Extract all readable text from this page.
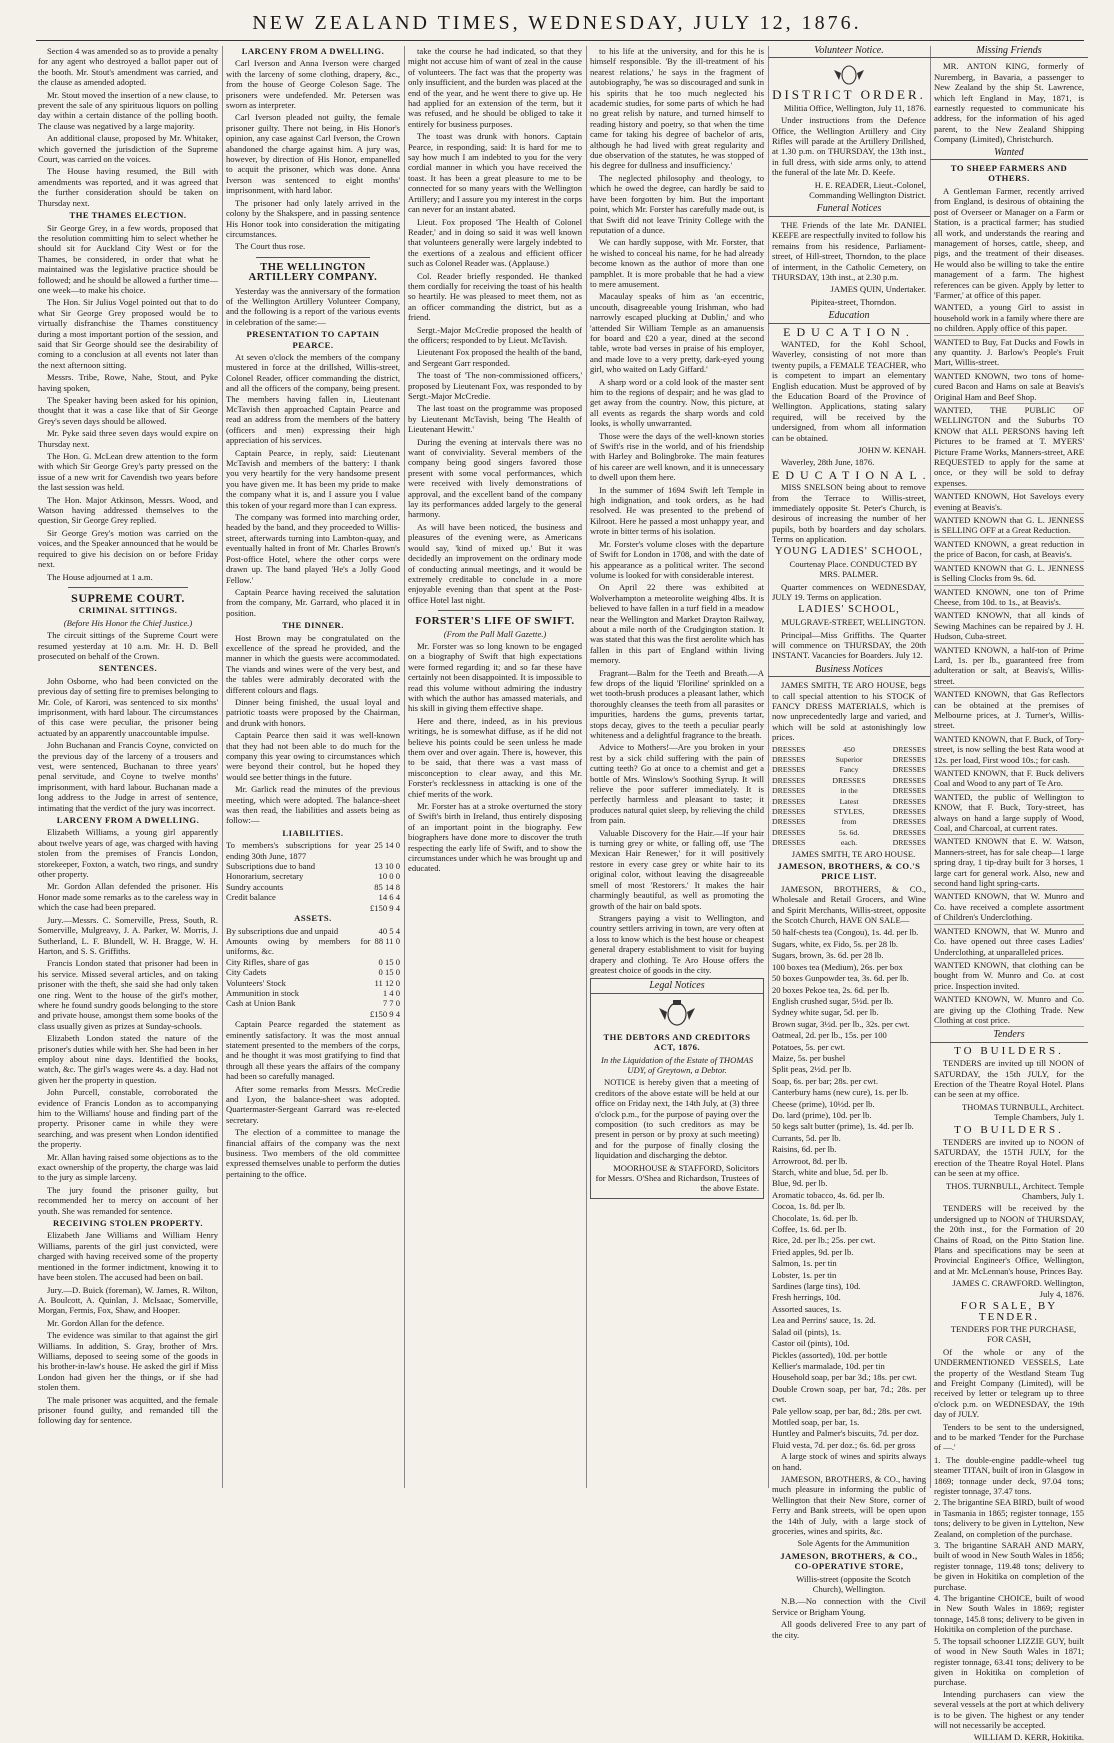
NEW ZEALAND TIMES, WEDNESDAY, JULY 12, 1876.

Section 4 was amended so as to provide a penalty for any agent who destroyed a ballot paper out of the booth. Mr. Stout's amendment was carried, and the clause as amended adopted.

Mr. Stout moved the insertion of a new clause, to prevent the sale of any spirituous liquors on polling day within a certain distance of the polling booth. The clause was negatived by a large majority.

An additional clause, proposed by Mr. Whitaker, which governed the jurisdiction of the Supreme Court, was carried on the voices.

The House having resumed, the Bill with amendments was reported, and it was agreed that the further consideration should be taken on Thursday next.

THE THAMES ELECTION.

Sir George Grey, in a few words, proposed that the resolution committing him to select whether he should sit for Auckland City West or for the Thames, be considered, in order that what he maintained was the legislative practice should be followed; and he should be allowed a further time—one week—to make his choice.

The Hon. Sir Julius Vogel pointed out that to do what Sir George Grey proposed would be to virtually disfranchise the Thames constituency during a most important portion of the session, and said that Sir George should see the desirability of coming to a conclusion at all events not later than the next afternoon sitting.

Messrs. Tribe, Rowe, Nahe, Stout, and Pyke having spoken,

The Speaker having been asked for his opinion, thought that it was a case like that of Sir George Grey's seven days should be allowed.

Mr. Pyke said three seven days would expire on Thursday next.

The Hon. G. McLean drew attention to the form with which Sir George Grey's party pressed on the issue of a new writ for Cavendish two years before the last session was held.

The Hon. Major Atkinson, Messrs. Wood, and Watson having addressed themselves to the question, Sir George Grey replied.

Sir George Grey's motion was carried on the voices, and the Speaker announced that he would be required to give his decision on or before Friday next.

The House adjourned at 1 a.m.

SUPREME COURT.

CRIMINAL SITTINGS.

(Before His Honor the Chief Justice.)

The circuit sittings of the Supreme Court were resumed yesterday at 10 a.m. Mr. H. D. Bell prosecuted on behalf of the Crown.

SENTENCES.

John Osborne, who had been convicted on the previous day of setting fire to premises belonging to Mr. Cole, of Karori, was sentenced to six months' imprisonment, with hard labour. The circumstances of this case were peculiar, the prisoner being actuated by an apparently unaccountable impulse.

John Buchanan and Francis Coyne, convicted on the previous day of the larceny of a trousers and vest, were sentenced, Buchanan to three years' penal servitude, and Coyne to twelve months' imprisonment, with hard labour. Buchanan made a long address to the Judge in arrest of sentence, intimating that the verdict of the jury was incorrect.

LARCENY FROM A DWELLING.

Elizabeth Williams, a young girl apparently about twelve years of age, was charged with having stolen from the premises of Francis London, storekeeper, Foxton, a watch, two rings, and sundry other property.

Mr. Gordon Allan defended the prisoner. His Honor made some remarks as to the careless way in which the case had been prepared.

Jury.—Messrs. C. Somerville, Press, South, R. Somerville, Mulgreavy, J. A. Parker, W. Morris, J. Sutherland, L. F. Blundell, W. H. Bragge, W. H. Harton, and S. S. Griffiths.

Francis London stated that prisoner had been in his service. Missed several articles, and on taking prisoner with the theft, she said she had only taken one ring. Went to the house of the girl's mother, where he found sundry goods belonging to the store and private house, amongst them some books of the class usually given as prizes at Sunday-schools.

Elizabeth London stated the nature of the prisoner's duties while with her. She had been in her employ about nine days. Identified the books, watch, &c. The girl's wages were 4s. a day. Had not given her the property in question.

John Purcell, constable, corroborated the evidence of Francis London as to accompanying him to the Williams' house and finding part of the property. Prisoner came in while they were searching, and was present when London identified the property.

Mr. Allan having raised some objections as to the exact ownership of the property, the charge was laid to the jury as simple larceny.

The jury found the prisoner guilty, but recommended her to mercy on account of her youth. She was remanded for sentence.

RECEIVING STOLEN PROPERTY.

Elizabeth Jane Williams and William Henry Williams, parents of the girl just convicted, were charged with having received some of the property mentioned in the former indictment, knowing it to have been stolen. The accused had been on bail.

Jury.—D. Buick (foreman), W. James, R. Wilton, A. Boulcott, A. Quinlan, J. McIsaac, Somerville, Morgan, Fermis, Fox, Shaw, and Hooper.

Mr. Gordon Allan for the defence.

The evidence was similar to that against the girl Williams. In addition, S. Gray, brother of Mrs. Williams, deposed to seeing some of the goods in his brother-in-law's house. He asked the girl if Miss London had given her the things, or if she had stolen them.

The male prisoner was acquitted, and the female prisoner found guilty, and remanded till the following day for sentence.

LARCENY FROM A DWELLING.

Carl Iverson and Anna Iverson were charged with the larceny of some clothing, drapery, &c., from the house of George Coleson Sage. The prisoners were undefended. Mr. Petersen was sworn as interpreter.

Carl Iverson pleaded not guilty, the female prisoner guilty. There not being, in His Honor's opinion, any case against Carl Iverson, the Crown abandoned the charge against him. A jury was, however, by direction of His Honor, empanelled to acquit the prisoner, which was done. Anna Iverson was sentenced to eight months' imprisonment, with hard labor.

The prisoner had only lately arrived in the colony by the Shakspere, and in passing sentence His Honor took into consideration the mitigating circumstances.

The Court thus rose.

THE WELLINGTON ARTILLERY COMPANY.

Yesterday was the anniversary of the formation of the Wellington Artillery Volunteer Company, and the following is a report of the various events in celebration of the same:—

PRESENTATION TO CAPTAIN PEARCE.

At seven o'clock the members of the company mustered in force at the drillshed, Willis-street, Colonel Reader, officer commanding the district, and all the officers of the company, being present. The members having fallen in, Lieutenant McTavish then approached Captain Pearce and read an address from the members of the battery (officers and men) expressing their high appreciation of his services.

Captain Pearce, in reply, said: Lieutenant McTavish and members of the battery: I thank you very heartily for the very handsome present you have given me. It has been my pride to make the company what it is, and I assure you I value this token of your regard more than I can express.

The company was formed into marching order, headed by the band, and they proceeded to Willis-street, afterwards turning into Lambton-quay, and eventually halted in front of Mr. Charles Brown's Post-office Hotel, where the other corps were drawn up. The band played 'He's a Jolly Good Fellow.'

Captain Pearce having received the salutation from the company, Mr. Garrard, who placed it in position.

THE DINNER.

Host Brown may be congratulated on the excellence of the spread he provided, and the manner in which the guests were accommodated. The viands and wines were of the very best, and the tables were admirably decorated with the different colours and flags.

Dinner being finished, the usual loyal and patriotic toasts were proposed by the Chairman, and drunk with honors.

Captain Pearce then said it was well-known that they had not been able to do much for the company this year owing to circumstances which were beyond their control, but he hoped they would see better things in the future.

Mr. Garlick read the minutes of the previous meeting, which were adopted. The balance-sheet was then read, the liabilities and assets being as follow:—

LIABILITIES.

To members's subscriptions for year ending 30th June, 1877
25 14 0
Subscriptions due to band	13 10 0
Honorarium, secretary	10 0 0
Sundry accounts	85 14 8
Credit balance	14 6 4
£150 9 4

ASSETS.

By subscriptions due and unpaid	40 5 4
Amounts owing by members for uniforms, &c.
88 11 0
City Rifles, share of gas	0 15 0
City Cadets	0 15 0
Volunteers' Stock	11 12 0
Ammunition in stock	1 4 0
Cash at Union Bank	7 7 0
£150 9 4

Captain Pearce regarded the statement as eminently satisfactory. It was the most annual statement presented to the members of the corps, and he thought it was most gratifying to find that through all these years the affairs of the company had been so carefully managed.

After some remarks from Messrs. McCredie and Lyon, the balance-sheet was adopted. Quartermaster-Sergeant Garrard was re-elected secretary.

The election of a committee to manage the financial affairs of the company was the next business. Two members of the old committee expressed themselves unable to perform the duties pertaining to the office.

take the course he had indicated, so that they might not accuse him of want of zeal in the cause of volunteers. The fact was that the property was only insufficient, and the burden was placed at the end of the year, and he went there to give up. He had applied for an extension of the term, but it was refused, and he should be obliged to take it entirely for business purposes.

The toast was drunk with honors. Captain Pearce, in responding, said: It is hard for me to say how much I am indebted to you for the very cordial manner in which you have received the toast. It has been a great pleasure to me to be connected for so many years with the Wellington Artillery; and I assure you my interest in the corps can never for an instant abated.

Lieut. Fox proposed 'The Health of Colonel Reader,' and in doing so said it was well known that volunteers generally were largely indebted to the exertions of a zealous and efficient officer such as Colonel Reader was. (Applause.)

Col. Reader briefly responded. He thanked them cordially for receiving the toast of his health so heartily. He was pleased to meet them, not as an officer commanding the district, but as a friend.

Sergt.-Major McCredie proposed the health of the officers; responded to by Lieut. McTavish.

Lieutenant Fox proposed the health of the band, and Sergeant Garr responded.

The toast of 'The non-commissioned officers,' proposed by Lieutenant Fox, was responded to by Sergt.-Major McCredie.

The last toast on the programme was proposed by Lieutenant McTavish, being 'The Health of Lieutenant Hewitt.'

During the evening at intervals there was no want of conviviality. Several members of the company being good singers favored those present with some vocal performances, which were received with lively demonstrations of approval, and the excellent band of the company lay its performances added largely to the general harmony.

As will have been noticed, the business and pleasures of the evening were, as Americans would say, 'kind of mixed up.' But it was decidedly an improvement on the ordinary mode of conducting annual meetings, and it would be extremely creditable to conclude in a more enjoyable evening than that spent at the Post-office Hotel last night.

FORSTER'S LIFE OF SWIFT.

(From the Pall Mall Gazette.)

Mr. Forster was so long known to be engaged on a biography of Swift that high expectations were formed regarding it; and so far these have certainly not been disappointed. It is impossible to read this volume without admiring the industry with which the author has amassed materials, and his skill in giving them effective shape.

Here and there, indeed, as in his previous writings, he is somewhat diffuse, as if he did not believe his points could be seen unless he made them over and over again. There is, however, this to be said, that there was a vast mass of misconception to clear away, and this Mr. Forster's recklessness in attacking is one of the chief merits of the work.

Mr. Forster has at a stroke overturned the story of Swift's birth in Ireland, thus entirely disposing of an important point in the biography. Few biographers have done more to discover the truth respecting the early life of Swift, and to show the circumstances under which he was brought up and educated.

to his life at the university, and for this he is himself responsible. 'By the ill-treatment of his nearest relations,' he says in the fragment of autobiography, 'he was so discouraged and sunk in his spirits that he too much neglected his academic studies, for some parts of which he had no great relish by nature, and turned himself to reading history and poetry, so that when the time came for taking his degree of bachelor of arts, although he had lived with great regularity and due observation of the statutes, he was stopped of his degree for dullness and insufficiency.'

The neglected philosophy and theology, to which he owed the degree, can hardly be said to have been forgotten by him. But the important point, which Mr. Forster has carefully made out, is that Swift did not leave Trinity College with the reputation of a dunce.

We can hardly suppose, with Mr. Forster, that he wished to conceal his name, for he had already become known as the author of more than one pamphlet. It is more probable that he had a view to mere amusement.

Macaulay speaks of him as 'an eccentric, uncouth, disagreeable young Irishman, who had narrowly escaped plucking at Dublin,' and who 'attended Sir William Temple as an amanuensis for board and £20 a year, dined at the second table, wrote bad verses in praise of his employer, and made love to a very pretty, dark-eyed young girl, who waited on Lady Giffard.'

A sharp word or a cold look of the master sent him to the regions of despair; and he was glad to get away from the country. Now, this picture, at all events as regards the sharp words and cold looks, is wholly unwarranted.

Those were the days of the well-known stories of Swift's rise in the world, and of his friendship with Harley and Bolingbroke. The main features of his career are well known, and it is unnecessary to dwell upon them here.

In the summer of 1694 Swift left Temple in high indignation, and took orders, as he had resolved. He was presented to the prebend of Kilroot. Here he passed a most unhappy year, and wrote in bitter terms of his isolation.

Mr. Forster's volume closes with the departure of Swift for London in 1708, and with the date of his appearance as a political writer. The second volume is looked for with considerable interest.

On April 22 there was exhibited at Wolverhampton a meteorolite weighing 4lbs. It is believed to have fallen in a turf field in a meadow near the Wellington and Market Drayton Railway, about a mile north of the Crudgington station. It was stated that this was the first aerolite which has fallen in this part of England within living memory.

Fragrant—Balm for the Teeth and Breath.—A few drops of the liquid 'Floriline' sprinkled on a wet tooth-brush produces a pleasant lather, which thoroughly cleanses the teeth from all parasites or impurities, hardens the gums, prevents tartar, stops decay, gives to the teeth a peculiar pearly whiteness and a delightful fragrance to the breath.

Advice to Mothers!—Are you broken in your rest by a sick child suffering with the pain of cutting teeth? Go at once to a chemist and get a bottle of Mrs. Winslow's Soothing Syrup. It will relieve the poor sufferer immediately. It is perfectly harmless and pleasant to taste; it produces natural quiet sleep, by relieving the child from pain.

Valuable Discovery for the Hair.—If your hair is turning grey or white, or falling off, use 'The Mexican Hair Renewer,' for it will positively restore in every case grey or white hair to its original color, without leaving the disagreeable smell of most 'Restorers.' It makes the hair charmingly beautiful, as well as promoting the growth of the hair on bald spots.

Strangers paying a visit to Wellington, and country settlers arriving in town, are very often at a loss to know which is the best house or cheapest general drapery establishment to visit for buying drapery and clothing. Te Aro House offers the greatest choice of goods in the city.

Legal Notices

THE DEBTORS AND CREDITORS ACT, 1876.

In the Liquidation of the Estate of THOMAS UDY, of Greytown, a Debtor.

NOTICE is hereby given that a meeting of creditors of the above estate will be held at our office on Friday next, the 14th July, at (3) three o'clock p.m., for the purpose of paying over the composition (to such creditors as may be present in person or by proxy at such meeting) and for the purpose of finally closing the liquidation and discharging the debtor.

MOORHOUSE & STAFFORD, Solicitors for Messrs. O'Shea and Richardson, Trustees of the above Estate.

Volunteer Notice.
DISTRICT ORDER.

Militia Office, Wellington, July 11, 1876.

Under instructions from the Defence Office, the Wellington Artillery and City Rifles will parade at the Artillery Drillshed, at 1.30 p.m. on THURSDAY, the 13th inst., in full dress, with side arms only, to attend the funeral of the late Mr. D. Keefe.

H. E. READER, Lieut.-Colonel, Commanding Wellington District.

Funeral Notices

THE Friends of the late Mr. DANIEL KEEFE are respectfully invited to follow his remains from his residence, Parliament-street, of Hill-street, Thorndon, to the place of interment, in the Catholic Cemetery, on THURSDAY, 13th inst., at 2.30 p.m.

JAMES QUIN, Undertaker.

Pipitea-street, Thorndon.

Education
EDUCATION.

WANTED, for the Kohl School, Waverley, consisting of not more than twenty pupils, a FEMALE TEACHER, who is competent to impart an elementary English education. Must be approved of by the Education Board of the Province of Wellington. Applications, stating salary required, will be received by the undersigned, from whom all information can be obtained.

JOHN W. KENAH.

Waverley, 28th June, 1876.

EDUCATIONAL.

MISS SNELSON being about to remove from the Terrace to Willis-street, immediately opposite St. Peter's Church, is desirous of increasing the number of her pupils, both by boarders and day scholars. Terms on application.

YOUNG LADIES' SCHOOL,

Courtenay Place. CONDUCTED BY MRS. PALMER.

Quarter commences on WEDNESDAY, JULY 19. Terms on application.

LADIES' SCHOOL,

MULGRAVE-STREET, WELLINGTON.

Principal—Miss Griffiths. The Quarter will commence on THURSDAY, the 20th INSTANT. Vacancies for Boarders. July 12.

Business Notices

JAMES SMITH, TE ARO HOUSE, begs to call special attention to his STOCK of FANCY DRESS MATERIALS, which is now unprecedentedly large and varied, and which will be sold at astonishingly low prices.

DRESSES	450	DRESSES
DRESSES	Superior	DRESSES
DRESSES	Fancy	DRESSES
DRESSES	DRESSES	DRESSES
DRESSES	in the	DRESSES
DRESSES	Latest	DRESSES
DRESSES	STYLES,	DRESSES
DRESSES	from	DRESSES
DRESSES	5s. 6d.	DRESSES
DRESSES	each.	DRESSES

JAMES SMITH, TE ARO HOUSE.

JAMESON, BROTHERS, & CO.'S PRICE LIST.

JAMESON, BROTHERS, & CO., Wholesale and Retail Grocers, and Wine and Spirit Merchants, Willis-street, opposite the Scotch Church, HAVE ON SALE—

50 half-chests tea (Congou), 1s. 4d. per lb.

Sugars, white, ex Fido, 5s. per 28 lb.

Sugars, brown, 3s. 6d. per 28 lb.

100 boxes tea (Medium), 26s. per box

50 boxes Gunpowder tea, 3s. 6d. per lb.

20 boxes Pekoe tea, 2s. 6d. per lb.

English crushed sugar, 5½d. per lb.

Sydney white sugar, 5d. per lb.

Brown sugar, 3½d. per lb., 32s. per cwt.

Oatmeal, 2d. per lb., 15s. per 100

Potatoes, 5s. per cwt.

Maize, 5s. per bushel

Split peas, 2½d. per lb.

Soap, 6s. per bar; 28s. per cwt.

Canterbury hams (new cure), 1s. per lb.

Cheese (prime), 10½d. per lb.

Do. lard (prime), 10d. per lb.

50 kegs salt butter (prime), 1s. 4d. per lb.

Currants, 5d. per lb.

Raisins, 6d. per lb.

Arrowroot, 8d. per lb.

Starch, white and blue, 5d. per lb.

Blue, 9d. per lb.

Aromatic tobacco, 4s. 6d. per lb.

Cocoa, 1s. 8d. per lb.

Chocolate, 1s. 6d. per lb.

Coffee, 1s. 6d. per lb.

Rice, 2d. per lb.; 25s. per cwt.

Fried apples, 9d. per lb.

Salmon, 1s. per tin

Lobster, 1s. per tin

Sardines (large tins), 10d.

Fresh herrings, 10d.

Assorted sauces, 1s.

Lea and Perrins' sauce, 1s. 2d.

Salad oil (pints), 1s.

Castor oil (pints), 10d.

Pickles (assorted), 10d. per bottle

Kellier's marmalade, 10d. per tin

Household soap, per bar 3d.; 18s. per cwt.

Double Crown soap, per bar, 7d.; 28s. per cwt.

Pale yellow soap, per bar, 8d.; 28s. per cwt.

Mottled soap, per bar, 1s.

Huntley and Palmer's biscuits, 7d. per doz.

Fluid vesta, 7d. per doz.; 6s. 6d. per gross

A large stock of wines and spirits always on hand.

JAMESON, BROTHERS, & CO., having much pleasure in informing the public of Wellington that their New Store, corner of Ferry and Bank streets, will be open upon the 14th of July, with a large stock of groceries, wines and spirits, &c.

Sole Agents for the Ammunition

JAMESON, BROTHERS, & CO., CO-OPERATIVE STORE,

Willis-street (opposite the Scotch Church), Wellington.

N.B.—No connection with the Civil Service or Brigham Young.

All goods delivered Free to any part of the city.

Missing Friends

MR. ANTON KING, formerly of Nuremberg, in Bavaria, a passenger to New Zealand by the ship St. Lawrence, which left England in May, 1871, is earnestly requested to communicate his address, for the information of his aged parent, to the New Zealand Shipping Company (Limited), Christchurch.

Wanted

TO SHEEP FARMERS AND OTHERS.

A Gentleman Farmer, recently arrived from England, is desirous of obtaining the post of Overseer or Manager on a Farm or Station, is a practical farmer; has studied all work, and understands the rearing and management of horses, cattle, sheep, and pigs, and the treatment of their diseases. He would also be willing to take the entire management of a farm. The highest references can be given. Apply by letter to 'Farmer,' at office of this paper.

WANTED, a young Girl to assist in household work in a family where there are no children. Apply office of this paper.

WANTED to Buy, Fat Ducks and Fowls in any quantity. J. Barlow's People's Fruit Mart, Willis-street.

WANTED KNOWN, two tons of home-cured Bacon and Hams on sale at Beavis's Original Ham and Beef Shop.

WANTED, THE PUBLIC OF WELLINGTON and the Suburbs TO KNOW that ALL PERSONS having left Pictures to be framed at T. MYERS' Picture Frame Works, Manners-street, ARE REQUESTED to apply for the same at once, or they will be sold to defray expenses.

WANTED KNOWN, Hot Saveloys every evening at Beavis's.

WANTED KNOWN that G. L. JENNESS is SELLING OFF at a Great Reduction.

WANTED KNOWN, a great reduction in the price of Bacon, for cash, at Beavis's.

WANTED KNOWN that G. L. JENNESS is Selling Clocks from 9s. 6d.

WANTED KNOWN, one ton of Prime Cheese, from 10d. to 1s., at Beavis's.

WANTED KNOWN, that all kinds of Sewing Machines can be repaired by J. H. Hudson, Cuba-street.

WANTED KNOWN, a half-ton of Prime Lard, 1s. per lb., guaranteed free from adulteration or salt, at Beavis's, Willis-street.

WANTED KNOWN, that Gas Reflectors can be obtained at the premises of Melbourne prices, at J. Turner's, Willis-street.

WANTED KNOWN, that F. Buck, of Tory-street, is now selling the best Rata wood at 12s. per load, First wood 10s.; for cash.

WANTED KNOWN, that F. Buck delivers Coal and Wood to any part of Te Aro.

WANTED, the public of Wellington to KNOW, that F. Buck, Tory-street, has always on hand a large supply of Wood, Coal, and Charcoal, at current rates.

WANTED KNOWN that E. W. Watson, Manners-street, has for sale cheap—1 large spring dray, 1 tip-dray built for 3 horses, 1 large cart for general work. Also, new and second hand light spring-carts.

WANTED KNOWN, that W. Munro and Co. have received a complete assortment of Children's Underclothing.

WANTED KNOWN, that W. Munro and Co. have opened out three cases Ladies' Underclothing, at unparalleled prices.

WANTED KNOWN, that clothing can be bought from W. Munro and Co. at cost price. Inspection invited.

WANTED KNOWN, W. Munro and Co. are giving up the Clothing Trade. New Clothing at cost price.

Tenders
TO BUILDERS.

TENDERS are invited up till NOON of SATURDAY, the 15th JULY, for the Erection of the Theatre Royal Hotel. Plans can be seen at my office.

THOMAS TURNBULL, Architect. Temple Chambers, July 1.

TO BUILDERS.

TENDERS are invited up to NOON of SATURDAY, the 15TH JULY, for the erection of the Theatre Royal Hotel. Plans can be seen at my office.

THOS. TURNBULL, Architect. Temple Chambers, July 1.

TENDERS will be received by the undersigned up to NOON of THURSDAY, the 20th inst., for the Formation of 20 Chains of Road, on the Pitto Station line. Plans and specifications may be seen at Provincial Engineer's Office, Wellington, and at Mr. McLennan's house, Princes Bay.

JAMES C. CRAWFORD. Wellington, July 4, 1876.

FOR SALE, BY TENDER.

TENDERS FOR THE PURCHASE, FOR CASH,

Of the whole or any of the UNDERMENTIONED VESSELS, Late the property of the Westland Steam Tug and Freight Company (Limited), will be received by letter or telegram up to three o'clock p.m. on WEDNESDAY, the 19th day of JULY.

Tenders to be sent to the undersigned, and to be marked 'Tender for the Purchase of —.'

1. The double-engine paddle-wheel tug steamer TITAN, built of iron in Glasgow in 1869; tonnage under deck, 97.04 tons; register tonnage, 37.47 tons.

2. The brigantine SEA BIRD, built of wood in Tasmania in 1865; register tonnage, 155 tons; delivery to be given in Lyttelton, New Zealand, on completion of the purchase.

3. The brigantine SARAH AND MARY, built of wood in New South Wales in 1856; register tonnage, 119.48 tons; delivery to be given in Hokitika on completion of the purchase.

4. The brigantine CHOICE, built of wood in New South Wales in 1869; register tonnage, 145.8 tons; delivery to be given in Hokitika on completion of the purchase.

5. The topsail schooner LIZZIE GUY, built of wood in New South Wales in 1871; register tonnage, 63.41 tons; delivery to be given in Hokitika on completion of purchase.

Intending purchasers can view the several vessels at the port at which delivery is to be given. The highest or any tender will not necessarily be accepted.

WILLIAM D. KERR, Hokitika.
